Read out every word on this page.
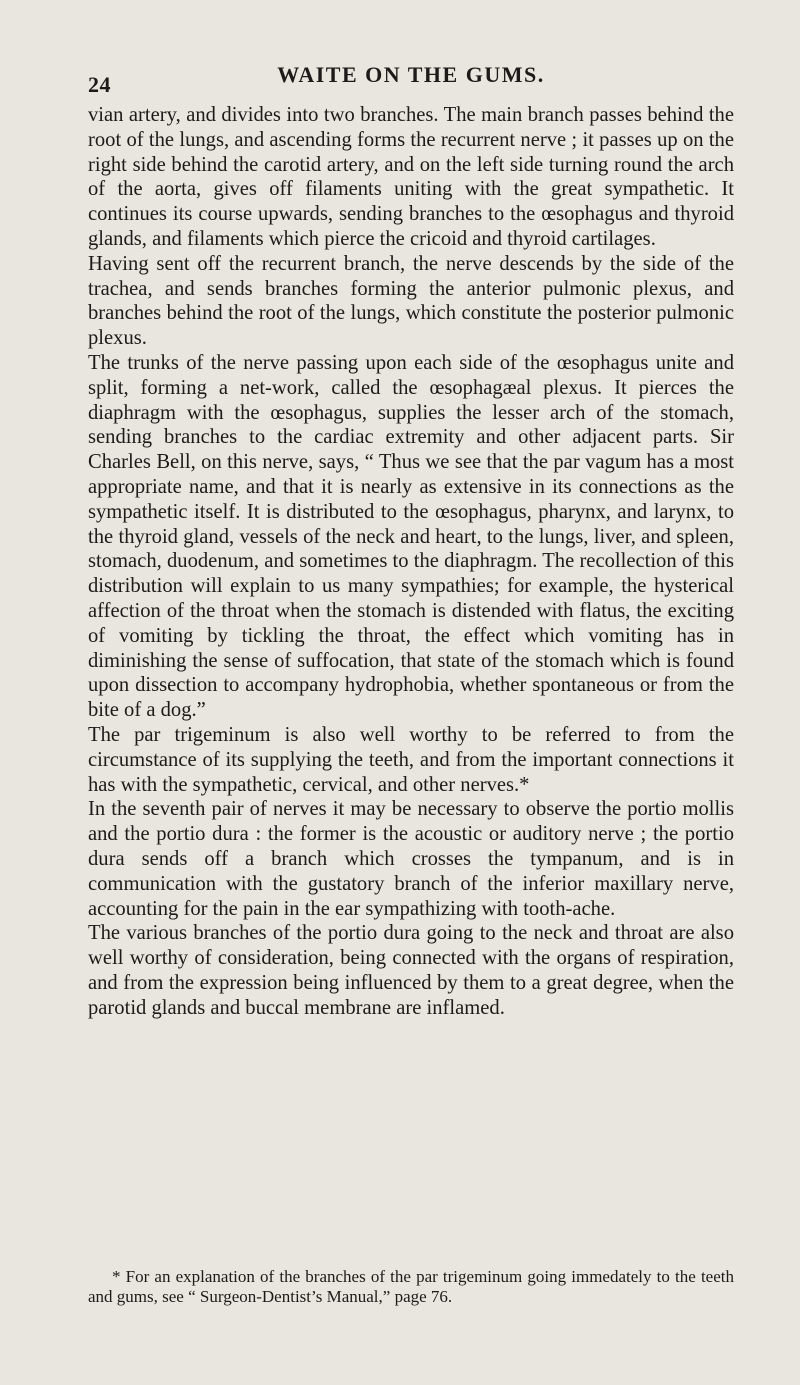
24	WAITE ON THE GUMS.

vian artery, and divides into two branches. The main branch passes behind the root of the lungs, and ascending forms the recurrent nerve ; it passes up on the right side behind the carotid artery, and on the left side turning round the arch of the aorta, gives off filaments uniting with the great sympathetic. It continues its course upwards, sending branches to the œsophagus and thyroid glands, and filaments which pierce the cricoid and thyroid cartilages.

Having sent off the recurrent branch, the nerve descends by the side of the trachea, and sends branches forming the anterior pulmonic plexus, and branches behind the root of the lungs, which constitute the posterior pulmonic plexus.

The trunks of the nerve passing upon each side of the œsophagus unite and split, forming a net-work, called the œsophagæal plexus. It pierces the diaphragm with the œsophagus, supplies the lesser arch of the stomach, sending branches to the cardiac extremity and other adjacent parts. Sir Charles Bell, on this nerve, says, “ Thus we see that the par vagum has a most appropriate name, and that it is nearly as extensive in its connections as the sympathetic itself. It is distributed to the œsophagus, pharynx, and larynx, to the thyroid gland, vessels of the neck and heart, to the lungs, liver, and spleen, stomach, duodenum, and sometimes to the diaphragm. The recollection of this distribution will explain to us many sympathies; for example, the hysterical affection of the throat when the stomach is distended with flatus, the exciting of vomiting by tickling the throat, the effect which vomiting has in diminishing the sense of suffocation, that state of the stomach which is found upon dissection to accompany hydrophobia, whether spontaneous or from the bite of a dog.”

The par trigeminum is also well worthy to be referred to from the circumstance of its supplying the teeth, and from the important connections it has with the sympathetic, cervical, and other nerves.*

In the seventh pair of nerves it may be necessary to observe the portio mollis and the portio dura : the former is the acoustic or auditory nerve ; the portio dura sends off a branch which crosses the tympanum, and is in communication with the gustatory branch of the inferior maxillary nerve, accounting for the pain in the ear sympathizing with tooth-ache.

The various branches of the portio dura going to the neck and throat are also well worthy of consideration, being connected with the organs of respiration, and from the expression being influenced by them to a great degree, when the parotid glands and buccal membrane are inflamed.

* For an explanation of the branches of the par trigeminum going immedately to the teeth and gums, see “ Surgeon-Dentist’s Manual,” page 76.
